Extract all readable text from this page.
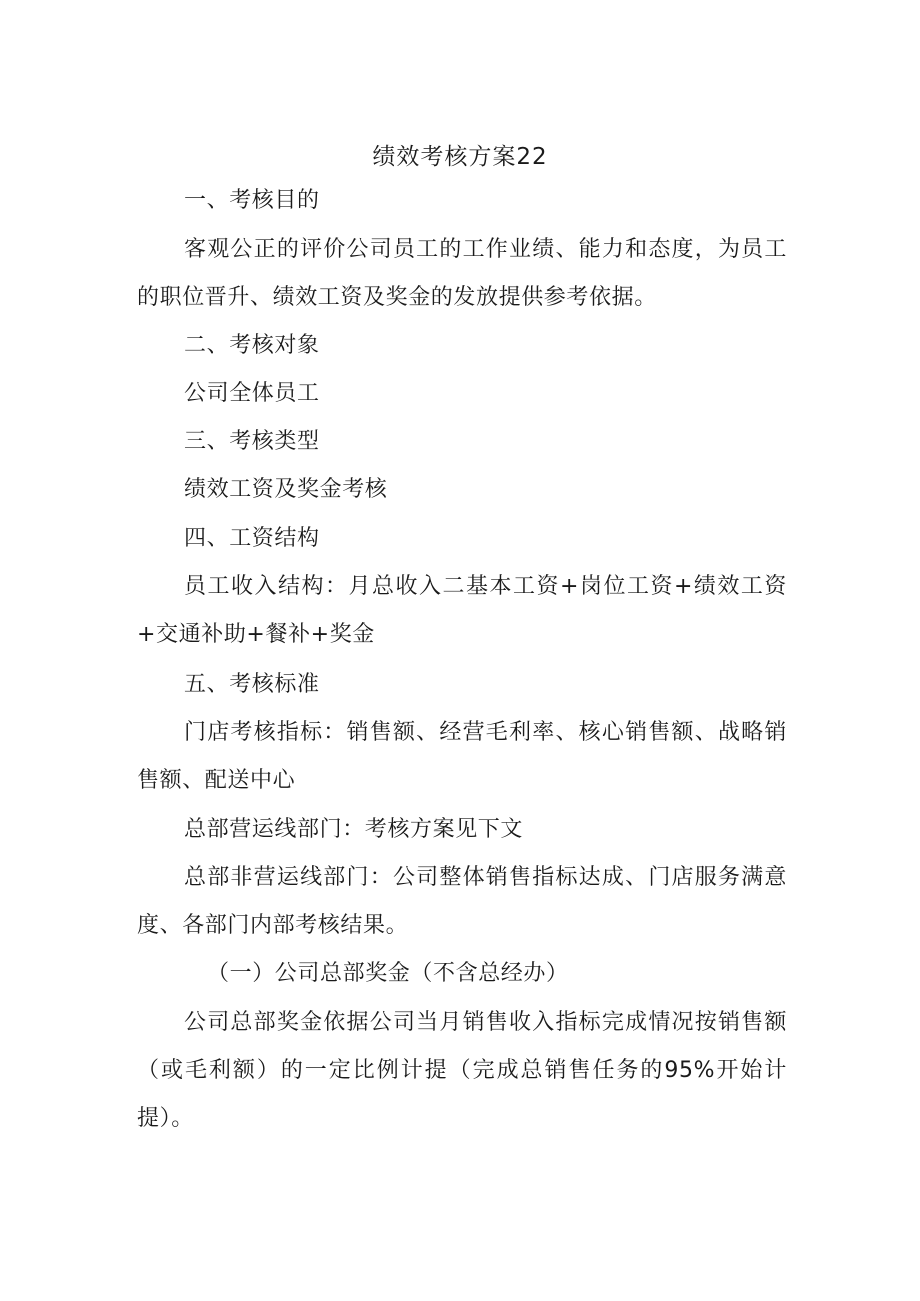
绩效考核方案22

一、考核目的

客观公正的评价公司员工的工作业绩、能力和态度，为员工的职位晋升、绩效工资及奖金的发放提供参考依据。

二、考核对象

公司全体员工

三、考核类型

绩效工资及奖金考核

四、工资结构

员工收入结构：月总收入二基本工资+岗位工资+绩效工资+交通补助+餐补+奖金

五、考核标准

门店考核指标：销售额、经营毛利率、核心销售额、战略销售额、配送中心

总部营运线部门：考核方案见下文

总部非营运线部门：公司整体销售指标达成、门店服务满意度、各部门内部考核结果。

（一）公司总部奖金（不含总经办）

公司总部奖金依据公司当月销售收入指标完成情况按销售额（或毛利额）的一定比例计提（完成总销售任务的95%开始计提）。
